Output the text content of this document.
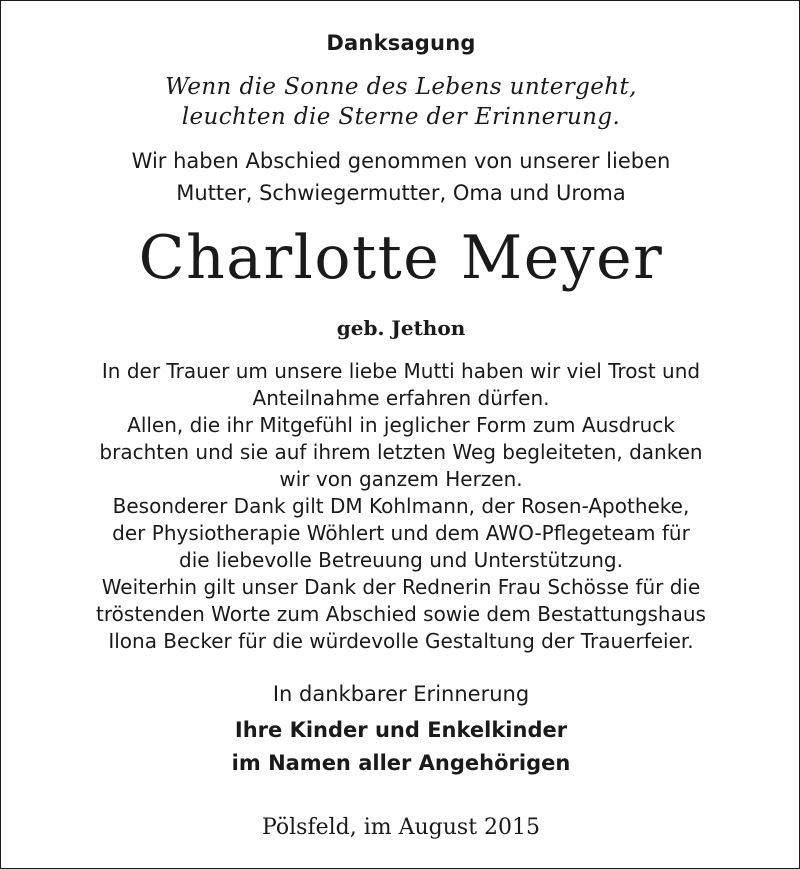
Danksagung
Wenn die Sonne des Lebens untergeht,
leuchten die Sterne der Erinnerung.
Wir haben Abschied genommen von unserer lieben
Mutter, Schwiegermutter, Oma und Uroma
Charlotte Meyer
geb. Jethon
In der Trauer um unsere liebe Mutti haben wir viel Trost und
Anteilnahme erfahren dürfen.
Allen, die ihr Mitgefühl in jeglicher Form zum Ausdruck
brachten und sie auf ihrem letzten Weg begleiteten, danken
wir von ganzem Herzen.
Besonderer Dank gilt DM Kohlmann, der Rosen-Apotheke,
der Physiotherapie Wöhlert und dem AWO-Pflegeteam für
die liebevolle Betreuung und Unterstützung.
Weiterhin gilt unser Dank der Rednerin Frau Schösse für die
tröstenden Worte zum Abschied sowie dem Bestattungshaus
Ilona Becker für die würdevolle Gestaltung der Trauerfeier.
In dankbarer Erinnerung
Ihre Kinder und Enkelkinder
im Namen aller Angehörigen
Pölsfeld, im August 2015
